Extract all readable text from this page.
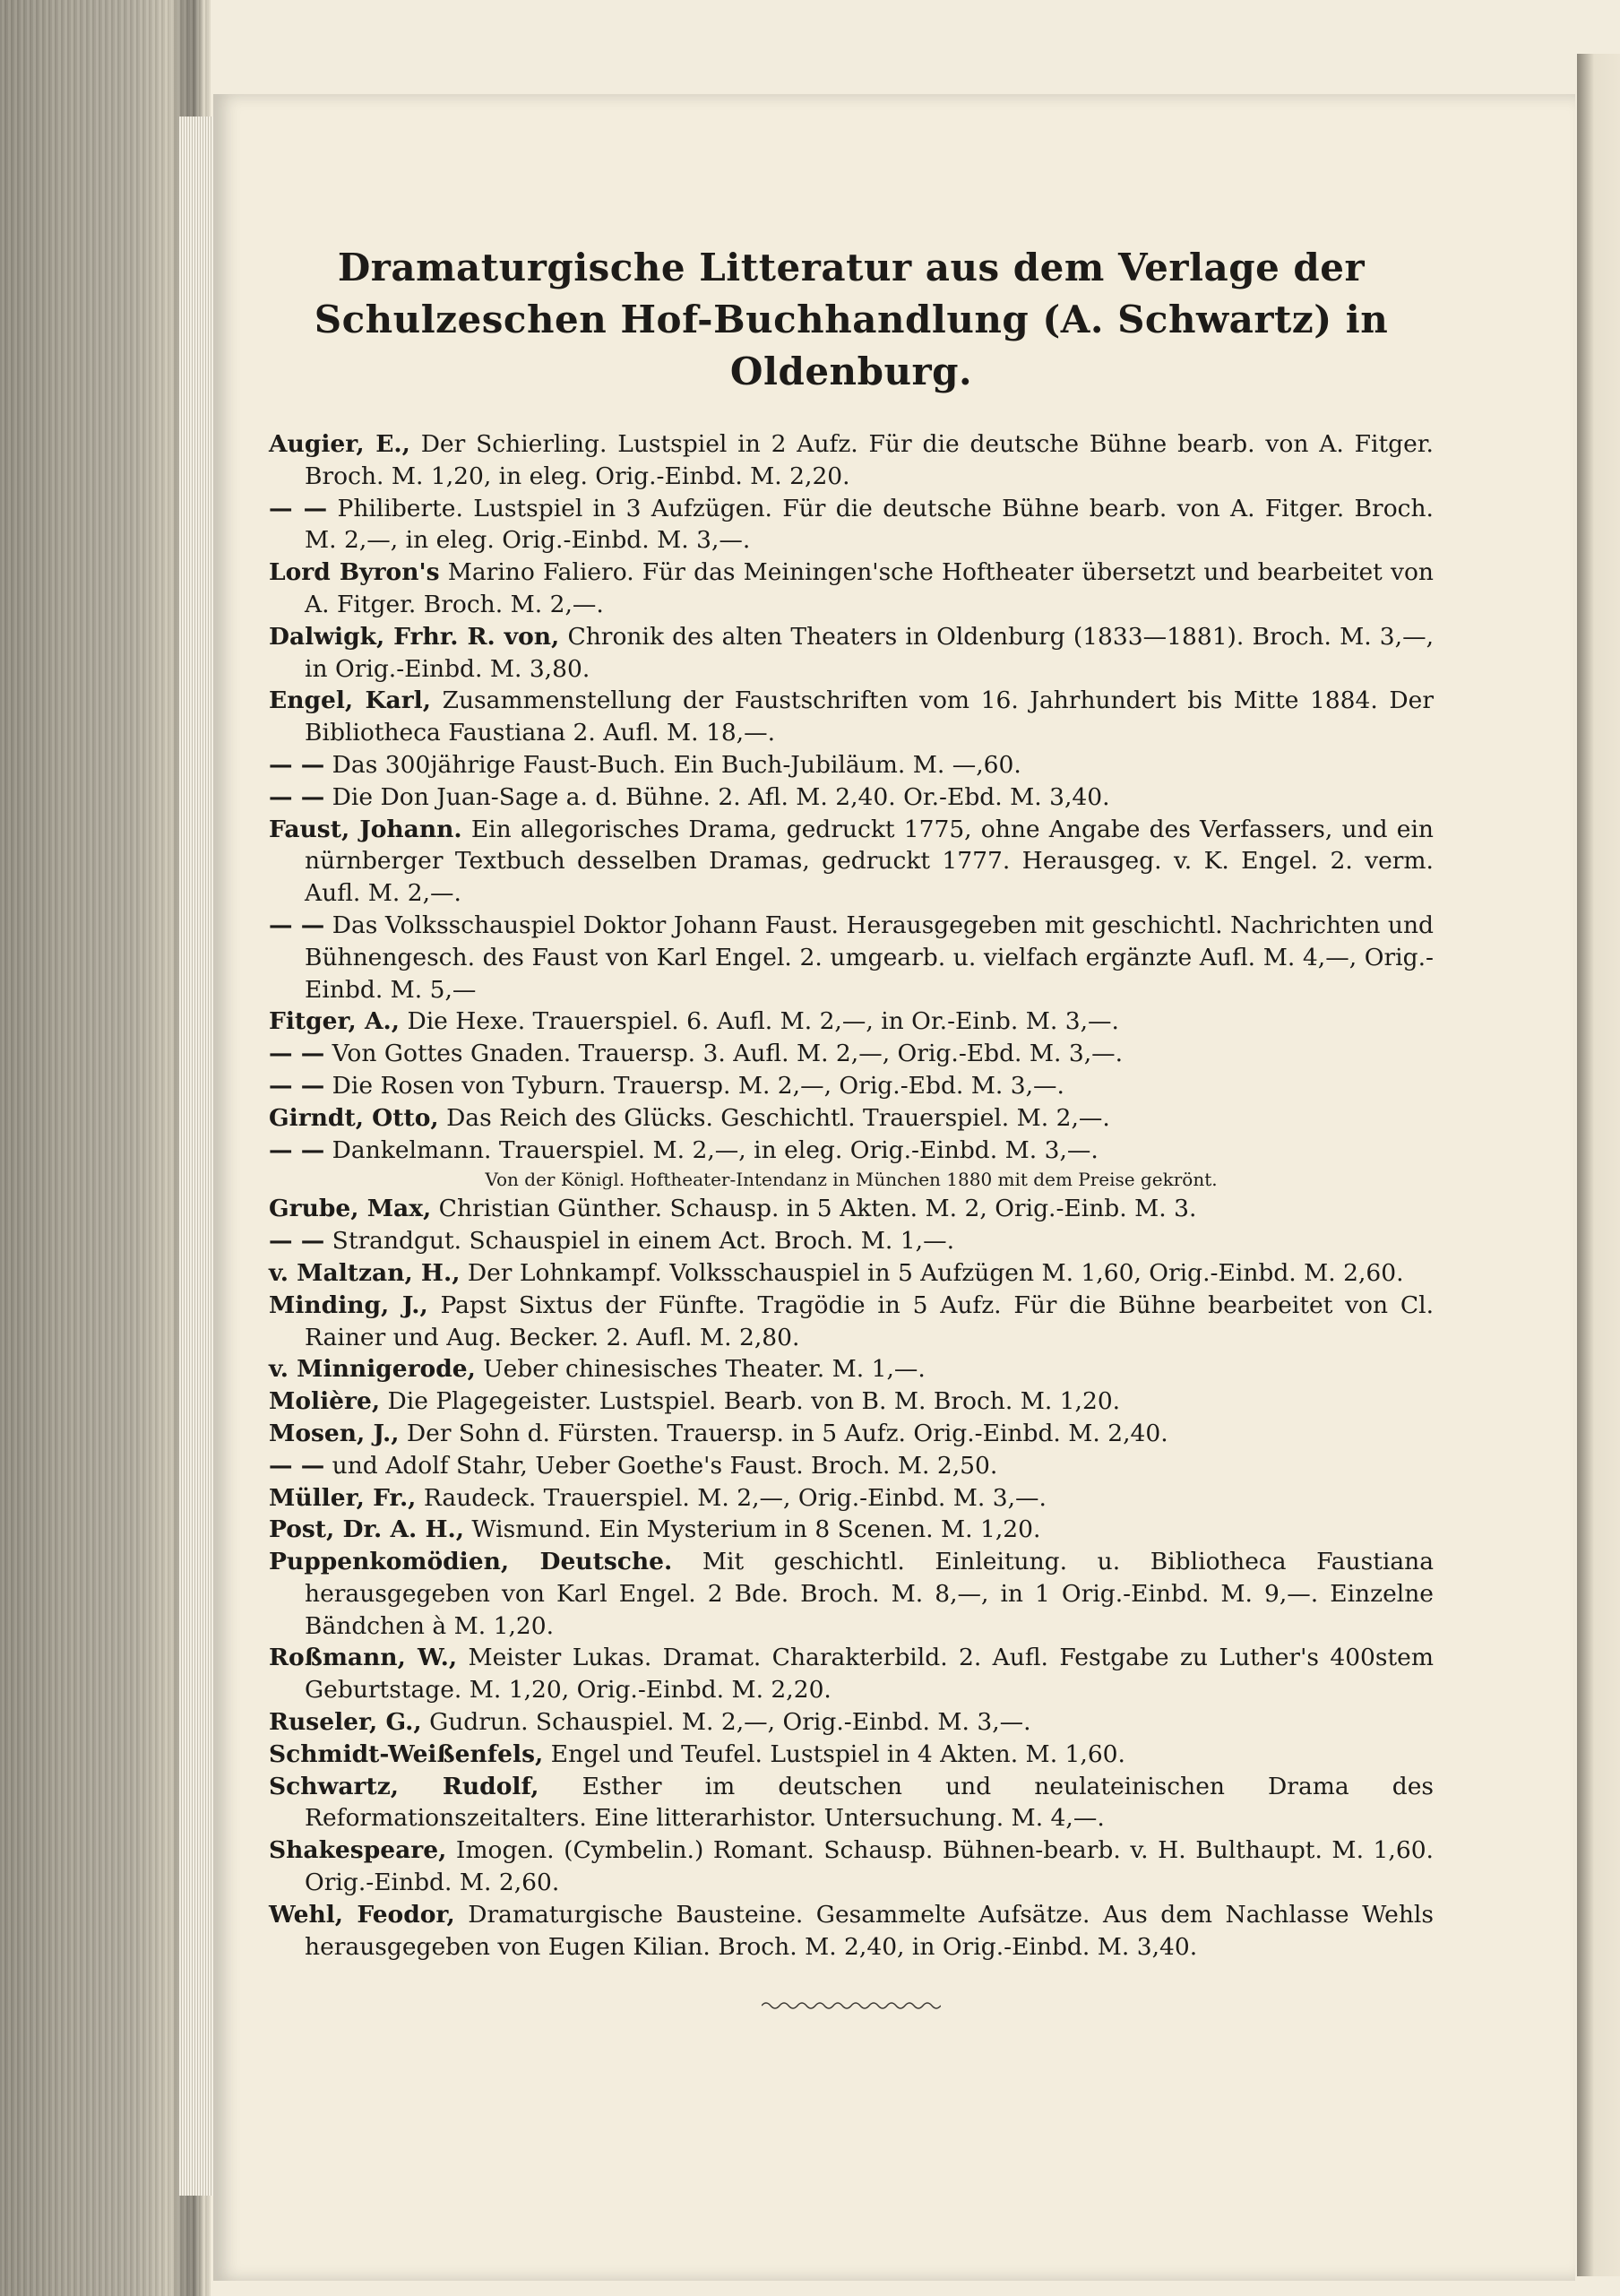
Dramaturgische Litteratur aus dem Verlage der Schulzeschen Hof-Buchhandlung (A. Schwartz) in Oldenburg.

Augier, E., Der Schierling. Lustspiel in 2 Aufz. Für die deutsche Bühne bearb. von A. Fitger. Broch. M. 1,20, in eleg. Orig.-Einbd. M. 2,20.

— — Philiberte. Lustspiel in 3 Aufzügen. Für die deutsche Bühne bearb. von A. Fitger. Broch. M. 2,—, in eleg. Orig.-Einbd. M. 3,—.

Lord Byron's Marino Faliero. Für das Meiningen'sche Hoftheater übersetzt und bearbeitet von A. Fitger. Broch. M. 2,—.

Dalwigk, Frhr. R. von, Chronik des alten Theaters in Oldenburg (1833—1881). Broch. M. 3,—, in Orig.-Einbd. M. 3,80.

Engel, Karl, Zusammenstellung der Faustschriften vom 16. Jahrhundert bis Mitte 1884. Der Bibliotheca Faustiana 2. Aufl. M. 18,—.

— — Das 300jährige Faust-Buch. Ein Buch-Jubiläum. M. —,60.

— — Die Don Juan-Sage a. d. Bühne. 2. Afl. M. 2,40. Or.-Ebd. M. 3,40.

Faust, Johann. Ein allegorisches Drama, gedruckt 1775, ohne Angabe des Verfassers, und ein nürnberger Textbuch desselben Dramas, gedruckt 1777. Herausgeg. v. K. Engel. 2. verm. Aufl. M. 2,—.

— — Das Volksschauspiel Doktor Johann Faust. Herausgegeben mit geschichtl. Nachrichten und Bühnengesch. des Faust von Karl Engel. 2. umgearb. u. vielfach ergänzte Aufl. M. 4,—, Orig.-Einbd. M. 5,—

Fitger, A., Die Hexe. Trauerspiel. 6. Aufl. M. 2,—, in Or.-Einb. M. 3,—.

— — Von Gottes Gnaden. Trauersp. 3. Aufl. M. 2,—, Orig.-Ebd. M. 3,—.

— — Die Rosen von Tyburn. Trauersp. M. 2,—, Orig.-Ebd. M. 3,—.

Girndt, Otto, Das Reich des Glücks. Geschichtl. Trauerspiel. M. 2,—.

— — Dankelmann. Trauerspiel. M. 2,—, in eleg. Orig.-Einbd. M. 3,—.

Von der Königl. Hoftheater-Intendanz in München 1880 mit dem Preise gekrönt.

Grube, Max, Christian Günther. Schausp. in 5 Akten. M. 2, Orig.-Einb. M. 3.

— — Strandgut. Schauspiel in einem Act. Broch. M. 1,—.

v. Maltzan, H., Der Lohnkampf. Volksschauspiel in 5 Aufzügen M. 1,60, Orig.-Einbd. M. 2,60.

Minding, J., Papst Sixtus der Fünfte. Tragödie in 5 Aufz. Für die Bühne bearbeitet von Cl. Rainer und Aug. Becker. 2. Aufl. M. 2,80.

v. Minnigerode, Ueber chinesisches Theater. M. 1,—.

Molière, Die Plagegeister. Lustspiel. Bearb. von B. M. Broch. M. 1,20.

Mosen, J., Der Sohn d. Fürsten. Trauersp. in 5 Aufz. Orig.-Einbd. M. 2,40.

— — und Adolf Stahr, Ueber Goethe's Faust. Broch. M. 2,50.

Müller, Fr., Raudeck. Trauerspiel. M. 2,—, Orig.-Einbd. M. 3,—.

Post, Dr. A. H., Wismund. Ein Mysterium in 8 Scenen. M. 1,20.

Puppenkomödien, Deutsche. Mit geschichtl. Einleitung. u. Bibliotheca Faustiana herausgegeben von Karl Engel. 2 Bde. Broch. M. 8,—, in 1 Orig.-Einbd. M. 9,—. Einzelne Bändchen à M. 1,20.

Roßmann, W., Meister Lukas. Dramat. Charakterbild. 2. Aufl. Festgabe zu Luther's 400stem Geburtstage. M. 1,20, Orig.-Einbd. M. 2,20.

Ruseler, G., Gudrun. Schauspiel. M. 2,—, Orig.-Einbd. M. 3,—.

Schmidt-Weißenfels, Engel und Teufel. Lustspiel in 4 Akten. M. 1,60.

Schwartz, Rudolf, Esther im deutschen und neulateinischen Drama des Reformationszeitalters. Eine litterarhistor. Untersuchung. M. 4,—.

Shakespeare, Imogen. (Cymbelin.) Romant. Schausp. Bühnen-bearb. v. H. Bulthaupt. M. 1,60. Orig.-Einbd. M. 2,60.

Wehl, Feodor, Dramaturgische Bausteine. Gesammelte Aufsätze. Aus dem Nachlasse Wehls herausgegeben von Eugen Kilian. Broch. M. 2,40, in Orig.-Einbd. M. 3,40.
